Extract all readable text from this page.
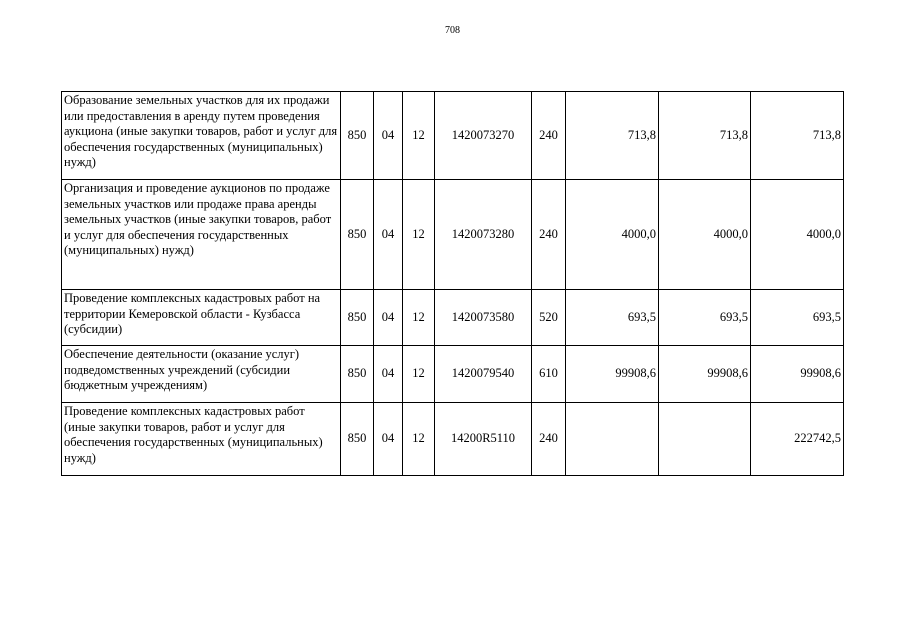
708
Образование земельных участков для их продажи или предоставления в аренду путем проведения аукциона (иные закупки товаров, работ и услуг для обеспечения государственных (муниципальных) нужд)	850	04	12	1420073270	240	713,8	713,8	713,8
Организация и проведение аукционов по продаже земельных участков или продаже права аренды земельных участков (иные закупки товаров, работ и услуг для обеспечения государственных (муниципальных) нужд)	850	04	12	1420073280	240	4000,0	4000,0	4000,0
Проведение комплексных кадастровых работ на территории Кемеровской области - Кузбасса (субсидии)	850	04	12	1420073580	520	693,5	693,5	693,5
Обеспечение деятельности (оказание услуг) подведомственных учреждений (субсидии бюджетным учреждениям)	850	04	12	1420079540	610	99908,6	99908,6	99908,6
Проведение комплексных кадастровых работ (иные закупки товаров, работ и услуг для обеспечения государственных (муниципальных) нужд)	850	04	12	14200R5110	240			222742,5
